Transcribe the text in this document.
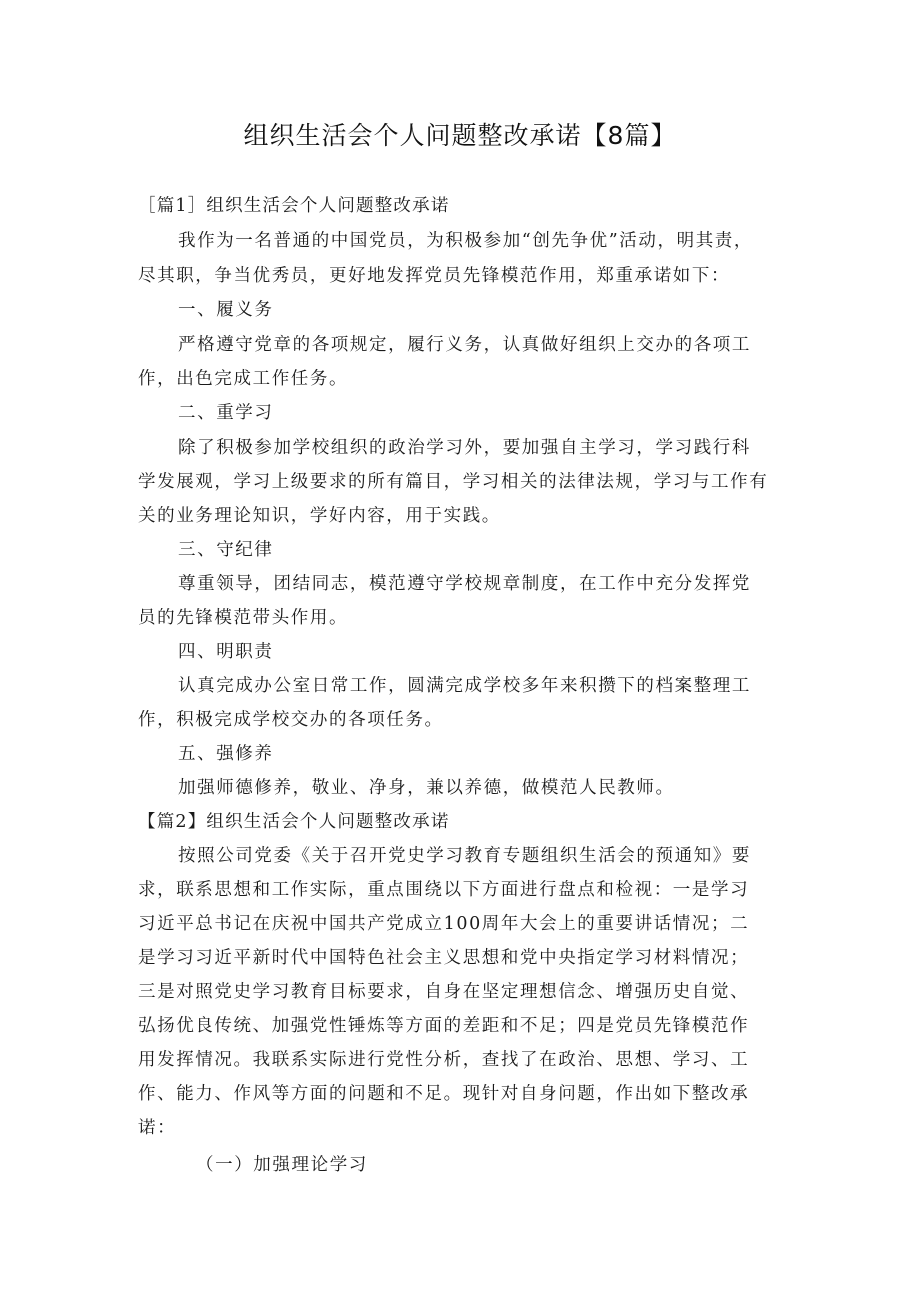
组织生活会个人问题整改承诺【8篇】
［篇1］组织生活会个人问题整改承诺
我作为一名普通的中国党员，为积极参加“创先争优”活动，明其责，
尽其职，争当优秀员，更好地发挥党员先锋模范作用，郑重承诺如下：
一、履义务
严格遵守党章的各项规定，履行义务，认真做好组织上交办的各项工
作，出色完成工作任务。
二、重学习
除了积极参加学校组织的政治学习外，要加强自主学习，学习践行科
学发展观，学习上级要求的所有篇目，学习相关的法律法规，学习与工作有
关的业务理论知识，学好内容，用于实践。
三、守纪律
尊重领导，团结同志，模范遵守学校规章制度，在工作中充分发挥党
员的先锋模范带头作用。
四、明职责
认真完成办公室日常工作，圆满完成学校多年来积攒下的档案整理工
作，积极完成学校交办的各项任务。
五、强修养
加强师德修养，敬业、净身，兼以养德，做模范人民教师。
【篇2】组织生活会个人问题整改承诺
按照公司党委《关于召开党史学习教育专题组织生活会的预通知》要
求，联系思想和工作实际，重点围绕以下方面进行盘点和检视：一是学习
习近平总书记在庆祝中国共产党成立100周年大会上的重要讲话情况；二
是学习习近平新时代中国特色社会主义思想和党中央指定学习材料情况；
三是对照党史学习教育目标要求，自身在坚定理想信念、增强历史自觉、
弘扬优良传统、加强党性锤炼等方面的差距和不足；四是党员先锋模范作
用发挥情况。我联系实际进行党性分析，查找了在政治、思想、学习、工
作、能力、作风等方面的问题和不足。现针对自身问题，作出如下整改承
诺：
（一）加强理论学习
